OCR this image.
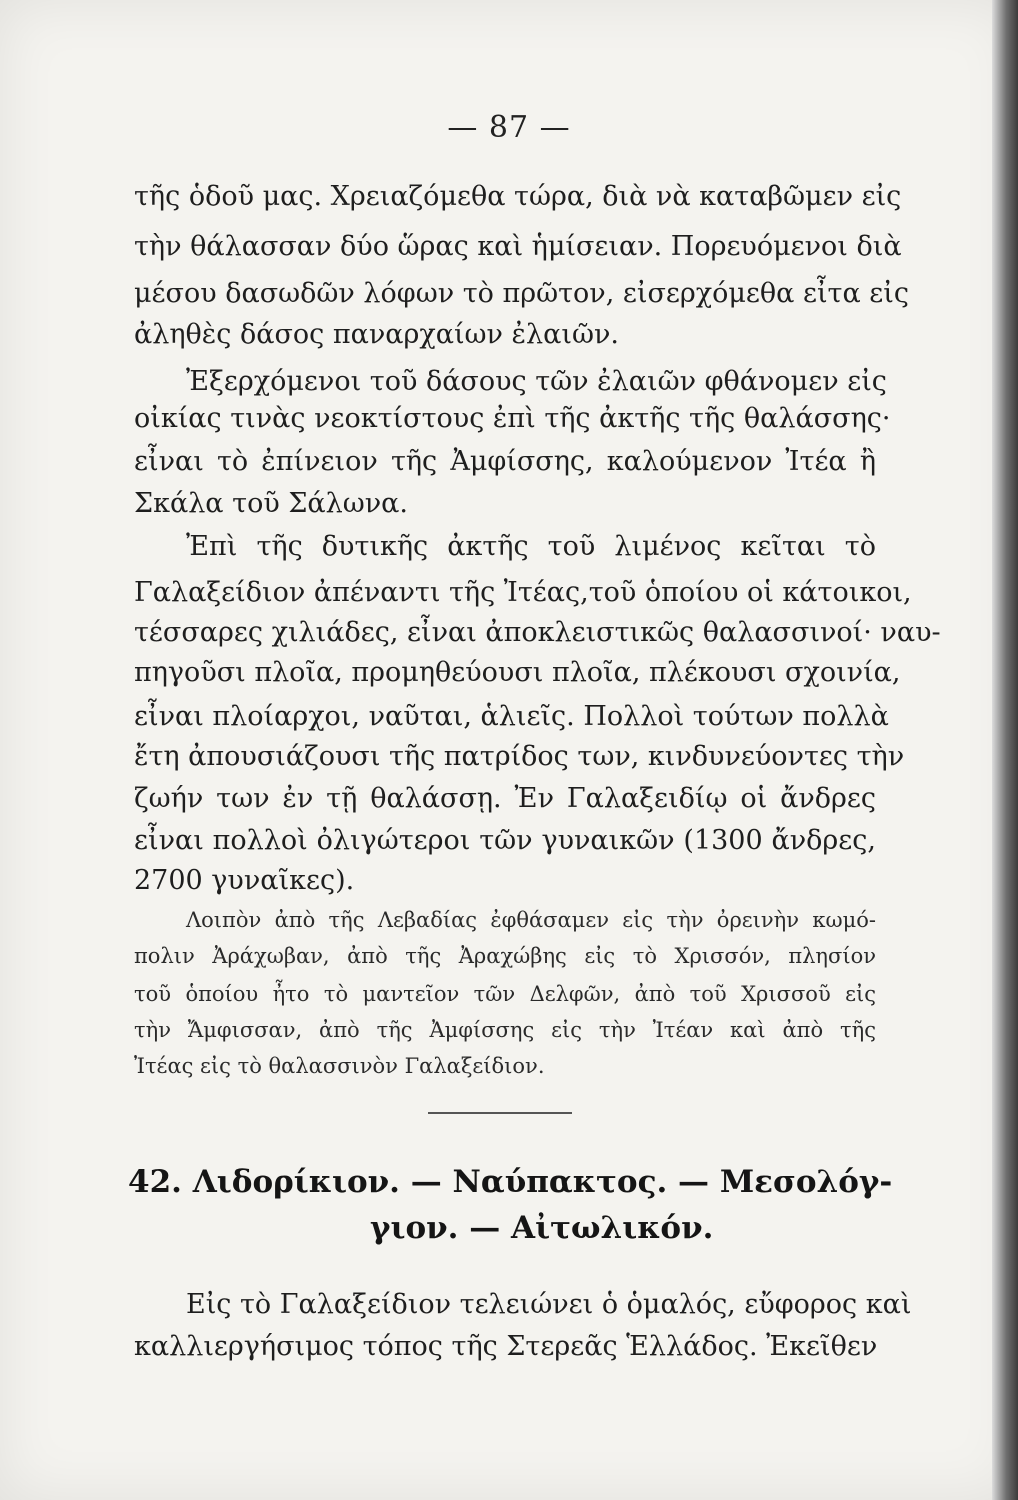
— 87 —
τῆς ὁδοῦ μας. Χρειαζόμεθα τώρα, διὰ νὰ καταβῶμεν εἰς
τὴν θάλασσαν δύο ὥρας καὶ ἡμίσειαν. Πορευόμενοι διὰ
μέσου δασωδῶν λόφων τὸ πρῶτον, εἰσερχόμεθα εἶτα εἰς
ἀληθὲς δάσος παναρχαίων ἐλαιῶν.
Ἐξερχόμενοι τοῦ δάσους τῶν ἐλαιῶν φθάνομεν εἰς
οἰκίας τινὰς νεοκτίστους ἐπὶ τῆς ἀκτῆς τῆς θαλάσσης·
εἶναι τὸ ἐπίνειον τῆς Ἀμφίσσης, καλούμενον Ἰτέα ἢ
Σκάλα τοῦ Σάλωνα.
Ἐπὶ τῆς δυτικῆς ἀκτῆς τοῦ λιμένος κεῖται τὸ
Γαλαξείδιον ἀπέναντι τῆς Ἰτέας,τοῦ ὁποίου οἱ κάτοικοι,
τέσσαρες χιλιάδες, εἶναι ἀποκλειστικῶς θαλασσινοί· ναυ-
πηγοῦσι πλοῖα, προμηθεύουσι πλοῖα, πλέκουσι σχοινία,
εἶναι πλοίαρχοι, ναῦται, ἁλιεῖς. Πολλοὶ τούτων πολλὰ
ἔτη ἀπουσιάζουσι τῆς πατρίδος των, κινδυνεύοντες τὴν
ζωήν των ἐν τῇ θαλάσσῃ. Ἐν Γαλαξειδίῳ οἱ ἄνδρες
εἶναι πολλοὶ ὀλιγώτεροι τῶν γυναικῶν (1300 ἄνδρες,
2700 γυναῖκες).
Λοιπὸν ἀπὸ τῆς Λεβαδίας ἐφθάσαμεν εἰς τὴν ὀρεινὴν κωμό-
πολιν Ἀράχωβαν, ἀπὸ τῆς Ἀραχώβης εἰς τὸ Χρισσόν, πλησίον
τοῦ ὁποίου ἦτο τὸ μαντεῖον τῶν Δελφῶν, ἀπὸ τοῦ Χρισσοῦ εἰς
τὴν Ἄμφισσαν, ἀπὸ τῆς Ἀμφίσσης εἰς τὴν Ἰτέαν καὶ ἀπὸ τῆς
Ἰτέας εἰς τὸ θαλασσινὸν Γαλαξείδιον.
42. Λιδορίκιον. — Ναύπακτος. — Μεσολόγ-
γιον. — Αἰτωλικόν.
Εἰς τὸ Γαλαξείδιον τελειώνει ὁ ὁμαλός, εὔφορος καὶ
καλλιεργήσιμος τόπος τῆς Στερεᾶς Ἑλλάδος. Ἐκεῖθεν
